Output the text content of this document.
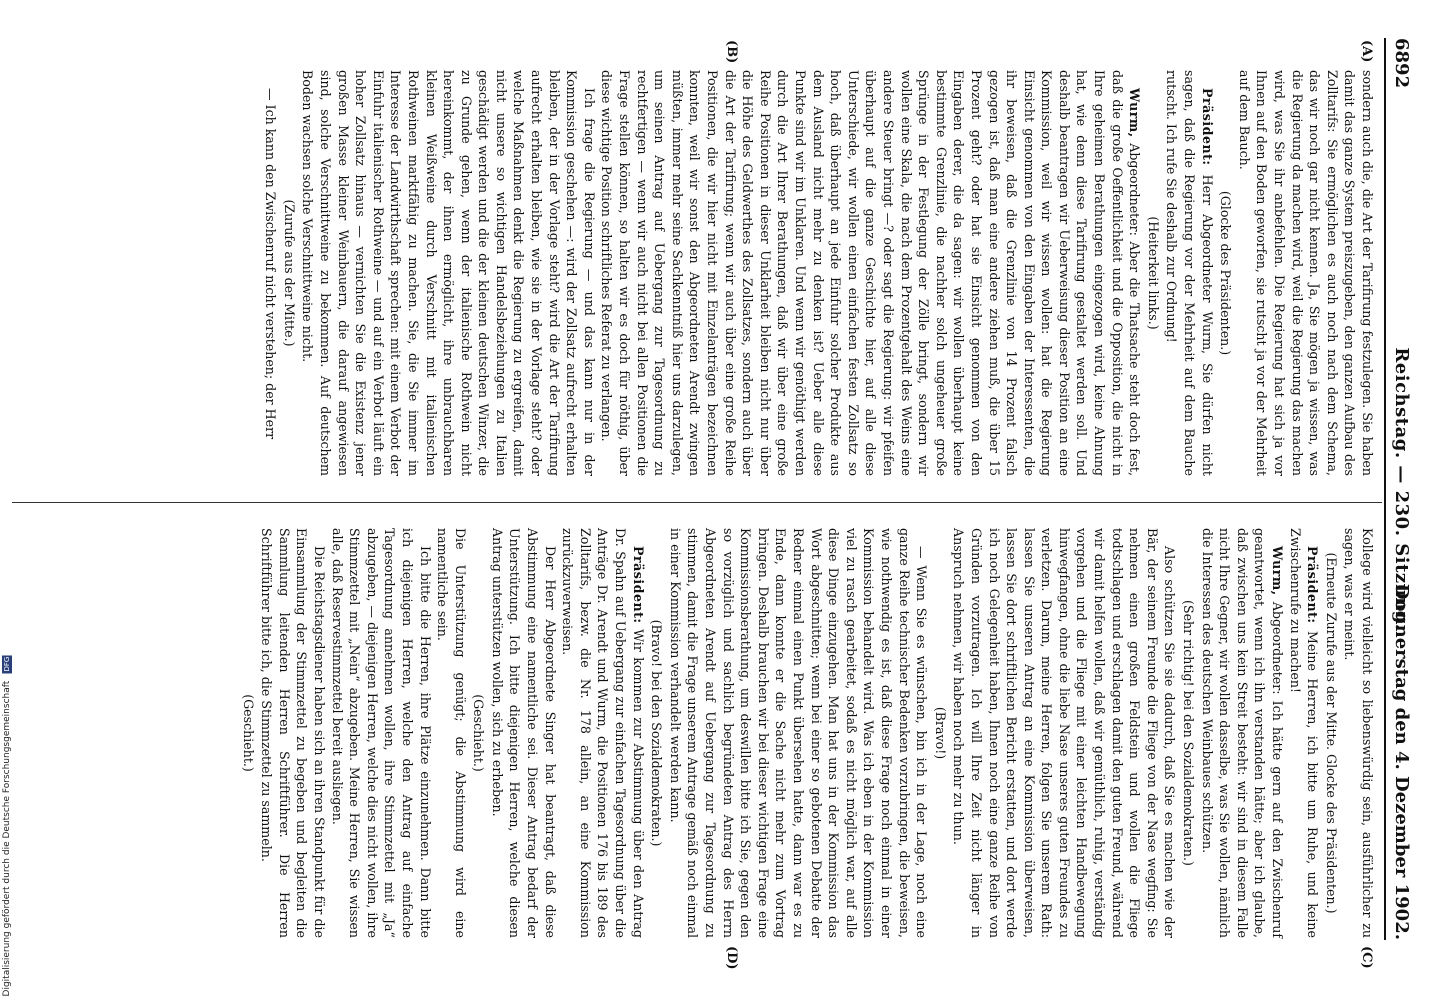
6892
Reichstag. — 230. Sitzung.
Donnerstag den 4. Dezember 1902.
(A)
(B)
(C)
(D)

sondern auch die, die Art der Tarifirung festzulegen. Sie haben damit das ganze System preiszugeben, den ganzen Aufbau des Zolltarifs: Sie ermöglichen es auch noch nach dem Schema, das wir noch gar nicht kennen. Ja, Sie mögen ja wissen, was die Regierung da machen wird, weil die Regierung das machen wird, was Sie ihr anbefehlen. Die Regierung hat sich ja vor Ihnen auf den Boden geworfen, sie rutscht ja vor der Mehrheit auf dem Bauch.

(Glocke des Präsidenten.)

Präsident: Herr Abgeordneter Wurm, Sie dürfen nicht sagen, daß die Regierung vor der Mehrheit auf dem Bauche rutscht. Ich rufe Sie deshalb zur Ordnung!

(Heiterkeit links.)

Wurm, Abgeordneter: Aber die Thatsache steht doch fest, daß die große Oeffentlichkeit und die Opposition, die nicht in Ihre geheimen Berathungen eingezogen wird, keine Ahnung hat, wie denn diese Tarifirung gestaltet werden soll. Und deshalb beantragen wir Ueberweisung dieser Position an eine Kommission, weil wir wissen wollen: hat die Regierung Einsicht genommen von den Eingaben der Interessenten, die ihr beweisen, daß die Grenzlinie von 14 Prozent falsch gezogen ist, daß man eine andere ziehen muß, die über 15 Prozent geht? oder hat sie Einsicht genommen von den Eingaben derer, die da sagen: wir wollen überhaupt keine bestimmte Grenzlinie, die nachher solch ungeheuer große Sprünge in der Festlegung der Zölle bringt, sondern wir wollen eine Skala, die nach dem Prozentgehalt des Weins eine andere Steuer bringt —? oder sagt die Regierung: wir pfeifen überhaupt auf die ganze Geschichte hier, auf alle diese Unterschiede, wir wollen einen einfachen festen Zollsatz so hoch, daß überhaupt an jede Einfuhr solcher Produkte aus dem Ausland nicht mehr zu denken ist? Ueber alle diese Punkte sind wir im Unklaren. Und wenn wir genöthigt werden durch die Art Ihrer Berathungen, daß wir über eine große Reihe Positionen in dieser Unklarheit bleiben nicht nur über die Höhe des Geldwerthes des Zollsatzes, sondern auch über die Art der Tarifirung; wenn wir auch über eine große Reihe Positionen, die wir hier nicht mit Einzelanträgen bezeichnen konnten, weil wir sonst den Abgeordneten Arendt zwingen müßten, immer mehr seine Sachkenntniß hier uns darzulegen, um seinen Antrag auf Uebergang zur Tagesordnung zu rechtfertigen — wenn wir auch nicht bei allen Positionen die Frage stellen können, so halten wir es doch für nöthig, über diese wichtige Position schriftliches Referat zu verlangen.

Ich frage die Regierung — und das kann nur in der Kommission geschehen —: wird der Zollsatz aufrecht erhalten bleiben, der in der Vorlage steht? wird die Art der Tarifirung aufrecht erhalten bleiben, wie sie in der Vorlage steht? oder welche Maßnahmen denkt die Regierung zu ergreifen, damit nicht unsere so wichtigen Handelsbeziehungen zu Italien geschädigt werden und die der kleinen deutschen Winzer, die zu Grunde gehen, wenn der italienische Rothwein nicht hereinkommt, der ihnen ermöglicht, ihre unbrauchbaren kleinen Weißweine durch Verschnitt mit italienischen Rothweinen marktfähig zu machen. Sie, die Sie immer im Interesse der Landwirthschaft sprechen: mit einem Verbot der Einfuhr italienischer Rothweine — und auf ein Verbot läuft ein hoher Zollsatz hinaus — vernichten Sie die Existenz jener großen Masse kleiner Weinbauern, die darauf angewiesen sind, solche Verschnittweine zu bekommen. Auf deutschem Boden wachsen solche Verschnittweine nicht.

(Zurufe aus der Mitte.)

— Ich kann den Zwischenruf nicht verstehen; der Herr

Kollege wird vielleicht so liebenswürdig sein, ausführlicher zu sagen, was er meint.

(Erneute Zurufe aus der Mitte. Glocke des Präsidenten.)

Präsident: Meine Herren, ich bitte um Ruhe, und keine Zwischenrufe zu machen!

Wurm, Abgeordneter: Ich hätte gern auf den Zwischenruf geantwortet, wenn ich ihn verstanden hätte; aber ich glaube, daß zwischen uns kein Streit besteht: wir sind in diesem Falle nicht Ihre Gegner, wir wollen dasselbe, was Sie wollen, nämlich die Interessen des deutschen Weinbaues schützen.

(Sehr richtig! bei den Sozialdemokraten.)

Also schützen Sie sie dadurch, daß Sie es machen wie der Bär, der seinem Freunde die Fliege von der Nase wegfing: Sie nehmen einen großen Feldstein und wollen die Fliege todtschlagen und erschlagen damit den guten Freund, während wir damit helfen wollen, daß wir gemüthlich, ruhig, verständig vorgehen und die Fliege mit einer leichten Handbewegung hinwegfangen, ohne die liebe Nase unseres guten Freundes zu verletzen. Darum, meine Herren, folgen Sie unserem Rath: lassen Sie unseren Antrag an eine Kommission überweisen, lassen Sie dort schriftlichen Bericht erstatten, und dort werde ich noch Gelegenheit haben, Ihnen noch eine ganze Reihe von Gründen vorzutragen. Ich will Ihre Zeit nicht länger in Anspruch nehmen, wir haben noch mehr zu thun.

(Bravo!)

— Wenn Sie es wünschen, bin ich in der Lage, noch eine ganze Reihe technischer Bedenken vorzubringen, die beweisen, wie nothwendig es ist, daß diese Frage noch einmal in einer Kommission behandelt wird. Was ich eben in der Kommission viel zu rasch gearbeitet, sodaß es nicht möglich war, auf alle diese Dinge einzugehen. Man hat uns in der Kommission das Wort abgeschnitten; wenn bei einer so gebotenen Debatte der Redner einmal einen Punkt übersehen hatte, dann war es zu Ende, dann konnte er die Sache nicht mehr zum Vortrag bringen. Deshalb brauchen wir bei dieser wichtigen Frage eine Kommissionsberathung, um deswillen bitte ich Sie, gegen den so vorzüglich und sachlich begründeten Antrag des Herrn Abgeordneten Arendt auf Uebergang zur Tagesordnung zu stimmen, damit die Frage unserem Antrage gemäß noch einmal in einer Kommission verhandelt werden kann.

(Bravo! bei den Sozialdemokraten.)

Präsident: Wir kommen zur Abstimmung über den Antrag Dr. Spahn auf Uebergang zur einfachen Tagesordnung über die Anträge Dr. Arendt und Wurm, die Positionen 176 bis 189 des Zolltarifs, bezw. die Nr. 178 allein, an eine Kommission zurückzuverweisen.

Der Herr Abgeordnete Singer hat beantragt, daß diese Abstimmung eine namentliche sei. Dieser Antrag bedarf der Unterstützung. Ich bitte diejenigen Herren, welche diesen Antrag unterstützen wollen, sich zu erheben.

(Geschieht.)

Die Unterstützung genügt; die Abstimmung wird eine namentliche sein.

Ich bitte die Herren, ihre Plätze einzunehmen. Dann bitte ich diejenigen Herren, welche den Antrag auf einfache Tagesordnung annehmen wollen, ihre Stimmzettel mit „Ja“ abzugeben, — diejenigen Herren, welche dies nicht wollen, ihre Stimmzettel mit „Nein“ abzugeben. Meine Herren, Sie wissen alle, daß Reservestimmzettel bereit ausliegen.

Die Reichstagsdiener haben sich an ihren Standpunkt für die Einsammlung der Stimmzettel zu begeben und begleiten die Sammlung leitenden Herren Schriftführer. Die Herren Schriftführer bitte ich, die Stimmzettel zu sammeln.

(Geschieht.)

Digitalisierung gefördert durch die Deutsche Forschungsgemeinschaft DFG
